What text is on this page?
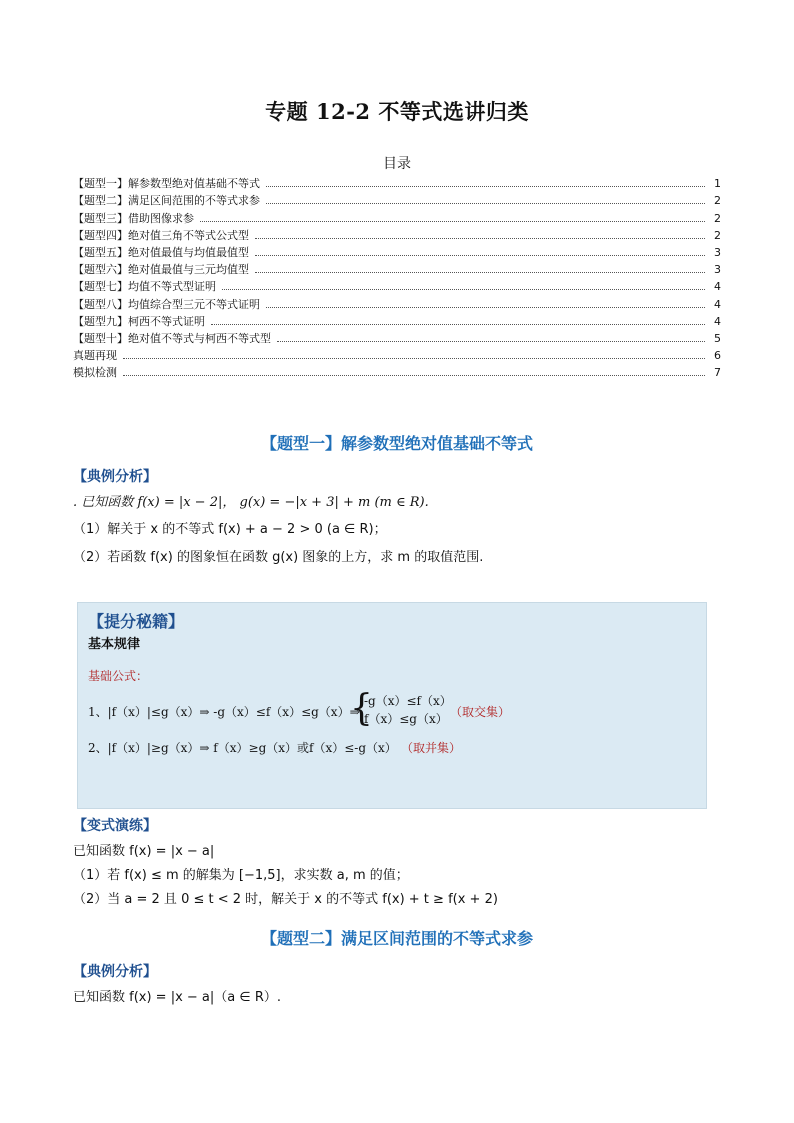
专题 12-2 不等式选讲归类
目录
【题型一】解参数型绝对值基础不等式	1
【题型二】满足区间范围的不等式求参	2
【题型三】借助图像求参	2
【题型四】绝对值三角不等式公式型	2
【题型五】绝对值最值与均值最值型	3
【题型六】绝对值最值与三元均值型	3
【题型七】均值不等式型证明	4
【题型八】均值综合型三元不等式证明	4
【题型九】柯西不等式证明	4
【题型十】绝对值不等式与柯西不等式型	5
真题再现	6
模拟检测	7
【题型一】解参数型绝对值基础不等式
【典例分析】
. 已知函数 f(x) = |x − 2|， g(x) = −|x + 3| + m (m ∈ R).
（1）解关于 x 的不等式 f(x) + a − 2 > 0 (a ∈ R)；
（2）若函数 f(x) 的图象恒在函数 g(x) 图象的上方，求 m 的取值范围.
【提分秘籍】
基本规律
基础公式：
1、|f（x）|≤g（x）⇒ -g（x）≤f（x）≤g（x）⇒
{
-g（x）≤f（x）
f（x）≤g（x） （取交集）
2、|f（x）|≥g（x）⇒ f（x）≥g（x）或f（x）≤-g（x） （取并集）
【变式演练】
已知函数 f(x) = |x − a|
（1）若 f(x) ≤ m 的解集为 [−1,5]，求实数 a, m 的值；
（2）当 a = 2 且 0 ≤ t < 2 时，解关于 x 的不等式 f(x) + t ≥ f(x + 2)
【题型二】满足区间范围的不等式求参
【典例分析】
已知函数 f(x) = |x − a|（a ∈ R）.
